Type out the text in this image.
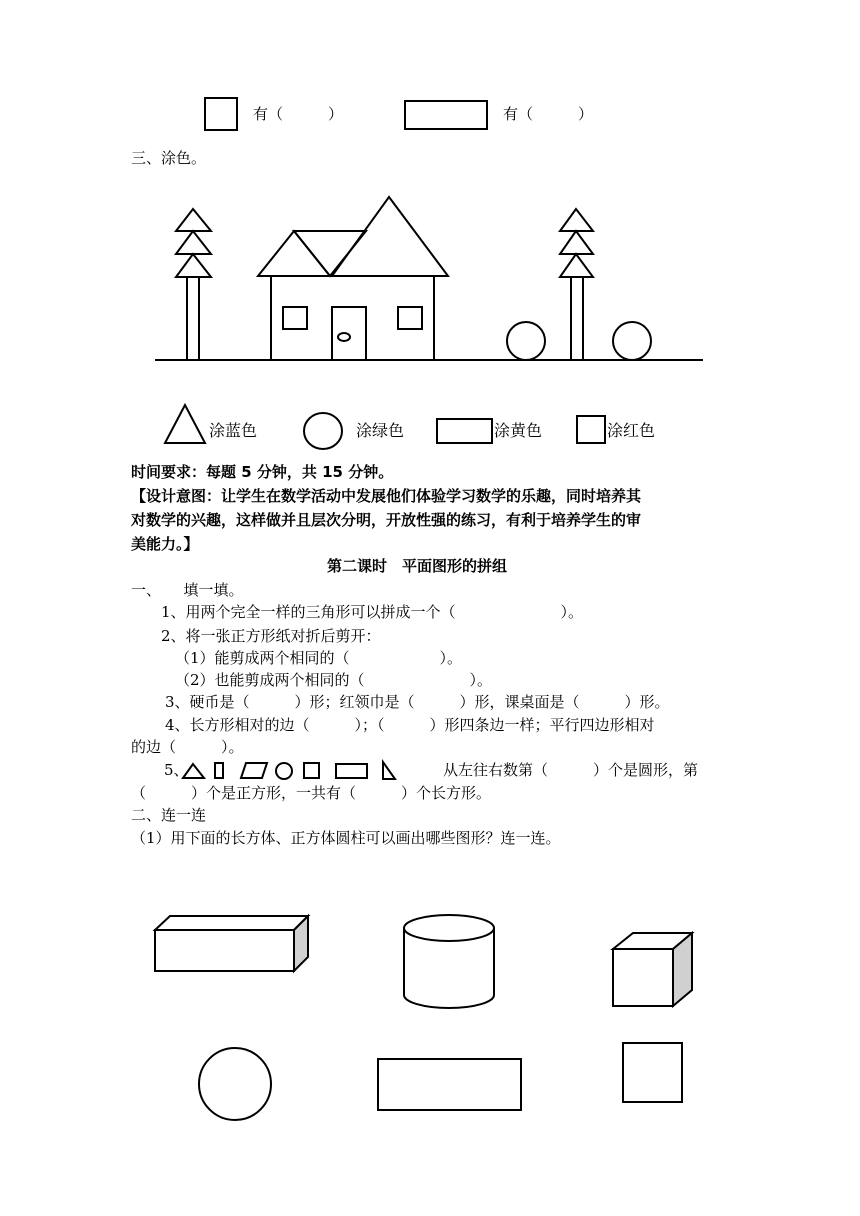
有（　　　）	有（　　　）
三、涂色。
涂蓝色	涂绿色	涂黄色	涂红色
时间要求：每题 5 分钟，共 15 分钟。
【设计意图：让学生在数学活动中发展他们体验学习数学的乐趣，同时培养其
对数学的兴趣，这样做并且层次分明，开放性强的练习，有利于培养学生的审
美能力。】
第二课时　平面图形的拼组
一、　　填一填。
1、用两个完全一样的三角形可以拼成一个（　　　　　　　）。
2、将一张正方形纸对折后剪开：
（1）能剪成两个相同的（　　　　　　）。
（2）也能剪成两个相同的（　　　　　　　）。
3、硬币是（　　　）形；红领巾是（　　　）形，课桌面是（　　　）形。
4、长方形相对的边（　　　）；（　　　）形四条边一样；平行四边形相对
的边（　　　）。
5、	从左往右数第（　　　）个是圆形，第
（　　　）个是正方形，一共有（　　　）个长方形。
二、连一连
（1）用下面的长方体、正方体圆柱可以画出哪些图形？连一连。
